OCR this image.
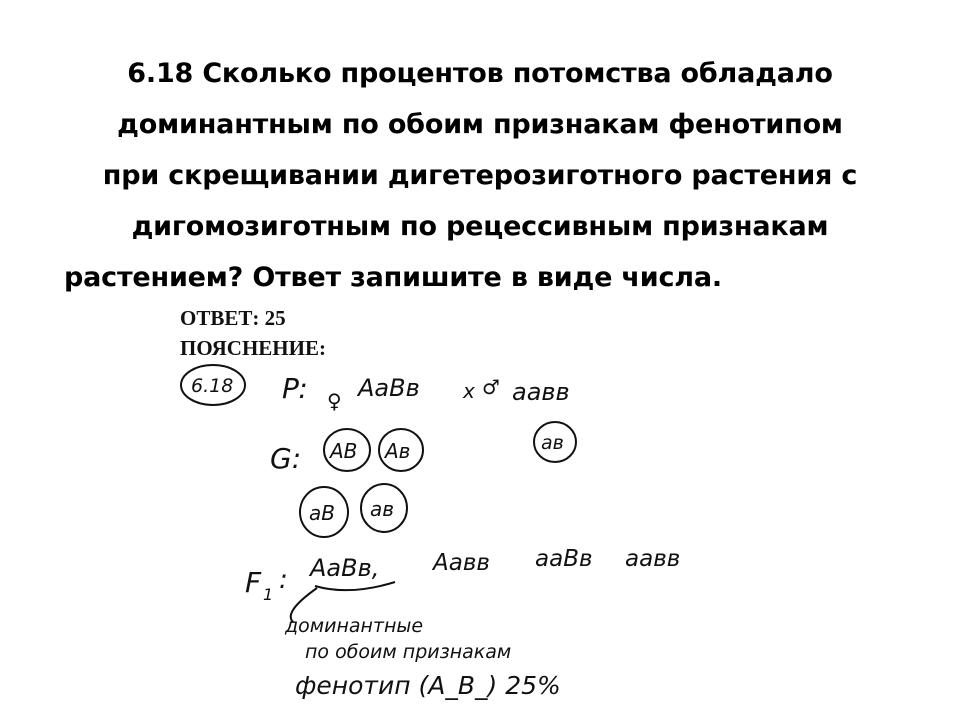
6.18 Сколько процентов потомства обладало
доминантным по обоим признакам фенотипом
при скрещивании дигетерозиготного растения с
дигомозиготным по рецессивным признакам
растением? Ответ запишите в виде числа.
ОТВЕТ: 25
ПОЯСНЕНИЕ:
6.18 P: ♀ AaBв x ♂ aaвв
G: AB Aв	aв
aB aв
F 1 : AaBв, Aaвв aaBв aaвв
доминантные
по обоим признакам
фенотип (A_B_) 25%
